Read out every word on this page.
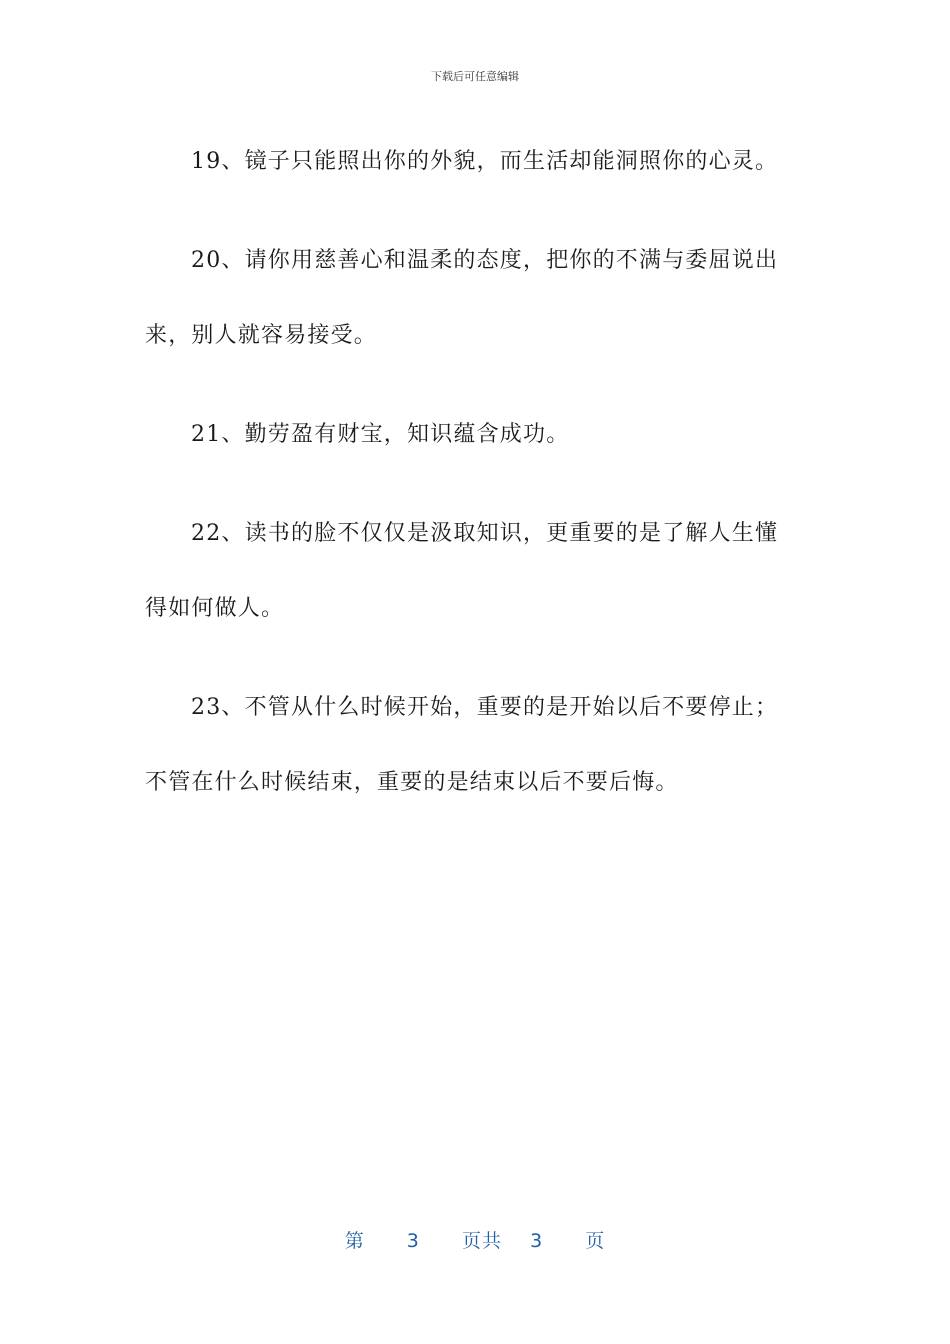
下载后可任意编辑

19、镜子只能照出你的外貌，而生活却能洞照你的心灵。

20、请你用慈善心和温柔的态度，把你的不满与委屈说出
来，别人就容易接受。

21、勤劳盈有财宝，知识蕴含成功。

22、读书的脸不仅仅是汲取知识，更重要的是了解人生懂
得如何做人。

23、不管从什么时候开始，重要的是开始以后不要停止；
不管在什么时候结束，重要的是结束以后不要后悔。

第 3 页共 3 页
